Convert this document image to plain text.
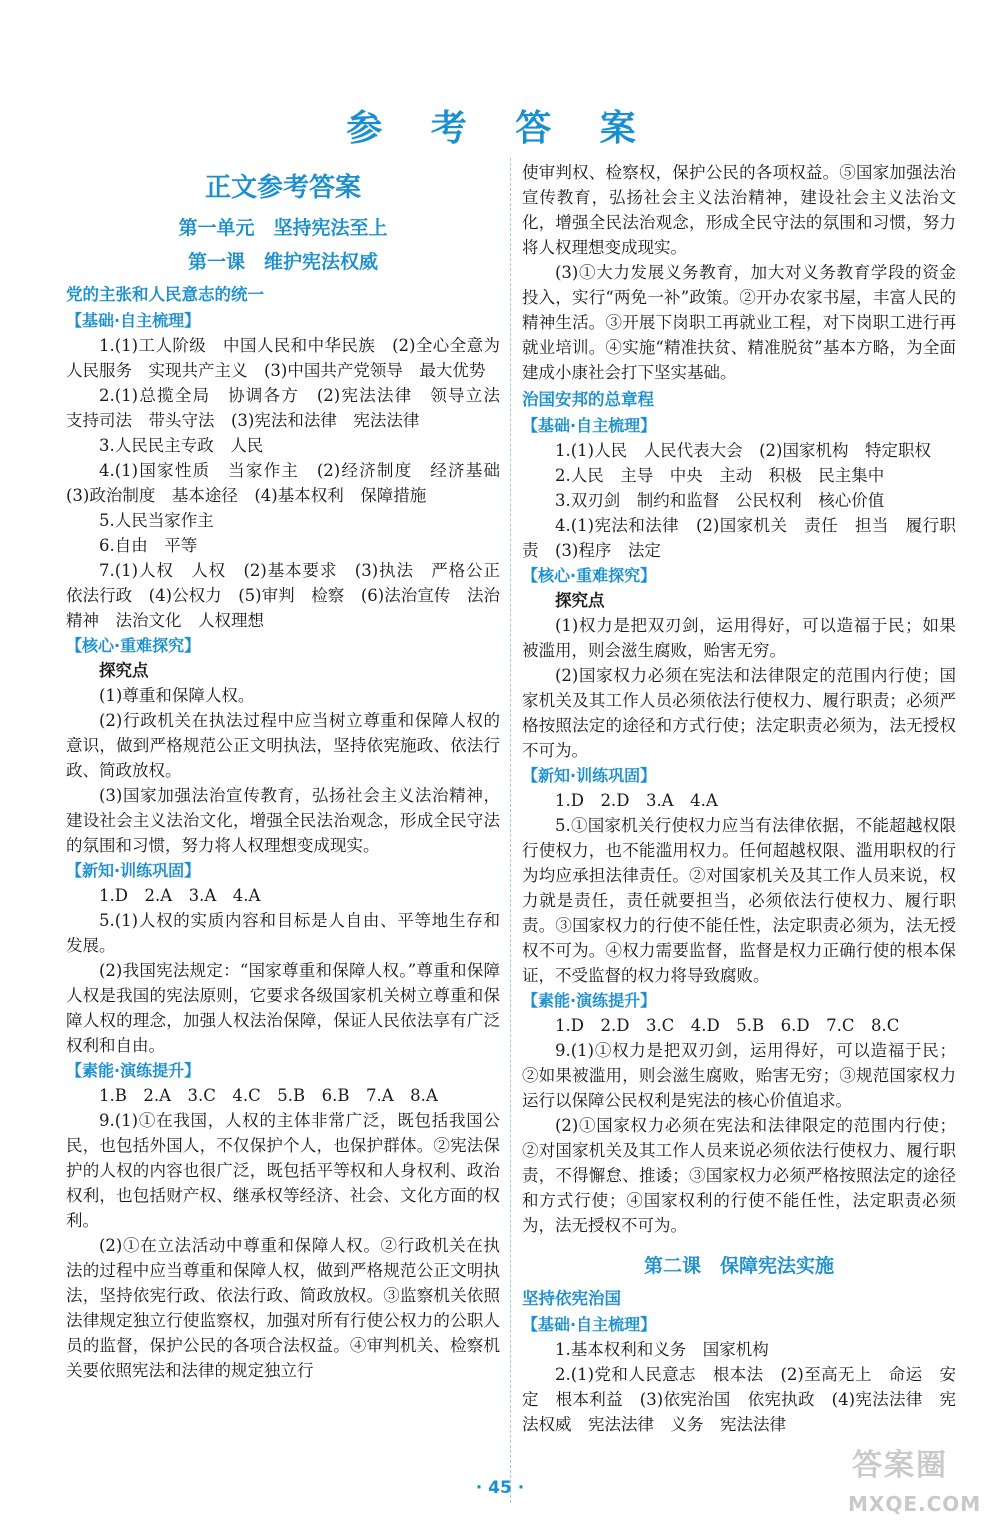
参 考 答 案
正文参考答案
第一单元　坚持宪法至上
第一课　维护宪法权威
党的主张和人民意志的统一
【基础·自主梳理】

1.(1)工人阶级　中国人民和中华民族　(2)全心全意为人民服务　实现共产主义　(3)中国共产党领导　最大优势

2.(1)总揽全局　协调各方　(2)宪法法律　领导立法　支持司法　带头守法　(3)宪法和法律　宪法法律

3.人民民主专政　人民

4.(1)国家性质　当家作主　(2)经济制度　经济基础　(3)政治制度　基本途径　(4)基本权利　保障措施

5.人民当家作主

6.自由　平等

7.(1)人权　人权　(2)基本要求　(3)执法　严格公正　依法行政　(4)公权力　(5)审判　检察　(6)法治宣传　法治精神　法治文化　人权理想

【核心·重难探究】

探究点

(1)尊重和保障人权。

(2)行政机关在执法过程中应当树立尊重和保障人权的意识，做到严格规范公正文明执法，坚持依宪施政、依法行政、简政放权。

(3)国家加强法治宣传教育，弘扬社会主义法治精神，建设社会主义法治文化，增强全民法治观念，形成全民守法的氛围和习惯，努力将人权理想变成现实。

【新知·训练巩固】

1.D　2.A　3.A　4.A

5.(1)人权的实质内容和目标是人自由、平等地生存和发展。

(2)我国宪法规定：“国家尊重和保障人权。”尊重和保障人权是我国的宪法原则，它要求各级国家机关树立尊重和保障人权的理念，加强人权法治保障，保证人民依法享有广泛权利和自由。

【素能·演练提升】

1.B　2.A　3.C　4.C　5.B　6.B　7.A　8.A

9.(1)①在我国，人权的主体非常广泛，既包括我国公民，也包括外国人，不仅保护个人，也保护群体。②宪法保护的人权的内容也很广泛，既包括平等权和人身权利、政治权利，也包括财产权、继承权等经济、社会、文化方面的权利。

(2)①在立法活动中尊重和保障人权。②行政机关在执法的过程中应当尊重和保障人权，做到严格规范公正文明执法，坚持依宪行政、依法行政、简政放权。③监察机关依照法律规定独立行使监察权，加强对所有行使公权力的公职人员的监督，保护公民的各项合法权益。④审判机关、检察机关要依照宪法和法律的规定独立行

使审判权、检察权，保护公民的各项权益。⑤国家加强法治宣传教育，弘扬社会主义法治精神，建设社会主义法治文化，增强全民法治观念，形成全民守法的氛围和习惯，努力将人权理想变成现实。

(3)①大力发展义务教育，加大对义务教育学段的资金投入，实行“两免一补”政策。②开办农家书屋，丰富人民的精神生活。③开展下岗职工再就业工程，对下岗职工进行再就业培训。④实施“精准扶贫、精准脱贫”基本方略，为全面建成小康社会打下坚实基础。

治国安邦的总章程
【基础·自主梳理】

1.(1)人民　人民代表大会　(2)国家机构　特定职权

2.人民　主导　中央　主动　积极　民主集中

3.双刃剑　制约和监督　公民权利　核心价值

4.(1)宪法和法律　(2)国家机关　责任　担当　履行职责　(3)程序　法定

【核心·重难探究】

探究点

(1)权力是把双刃剑，运用得好，可以造福于民；如果被滥用，则会滋生腐败，贻害无穷。

(2)国家权力必须在宪法和法律限定的范围内行使；国家机关及其工作人员必须依法行使权力、履行职责；必须严格按照法定的途径和方式行使；法定职责必须为，法无授权不可为。

【新知·训练巩固】

1.D　2.D　3.A　4.A

5.①国家机关行使权力应当有法律依据，不能超越权限行使权力，也不能滥用权力。任何超越权限、滥用职权的行为均应承担法律责任。②对国家机关及其工作人员来说，权力就是责任，责任就要担当，必须依法行使权力、履行职责。③国家权力的行使不能任性，法定职责必须为，法无授权不可为。④权力需要监督，监督是权力正确行使的根本保证，不受监督的权力将导致腐败。

【素能·演练提升】

1.D　2.D　3.C　4.D　5.B　6.D　7.C　8.C

9.(1)①权力是把双刃剑，运用得好，可以造福于民；②如果被滥用，则会滋生腐败，贻害无穷；③规范国家权力运行以保障公民权利是宪法的核心价值追求。

(2)①国家权力必须在宪法和法律限定的范围内行使；②对国家机关及其工作人员来说必须依法行使权力、履行职责，不得懈怠、推诿；③国家权力必须严格按照法定的途径和方式行使；④国家权利的行使不能任性，法定职责必须为，法无授权不可为。

第二课　保障宪法实施
坚持依宪治国
【基础·自主梳理】

1.基本权利和义务　国家机构

2.(1)党和人民意志　根本法　(2)至高无上　命运　安定　根本利益　(3)依宪治国　依宪执政　(4)宪法法律　宪法权威　宪法法律　义务　宪法法律

· 45 ·
答案圈
MXQE.COM
